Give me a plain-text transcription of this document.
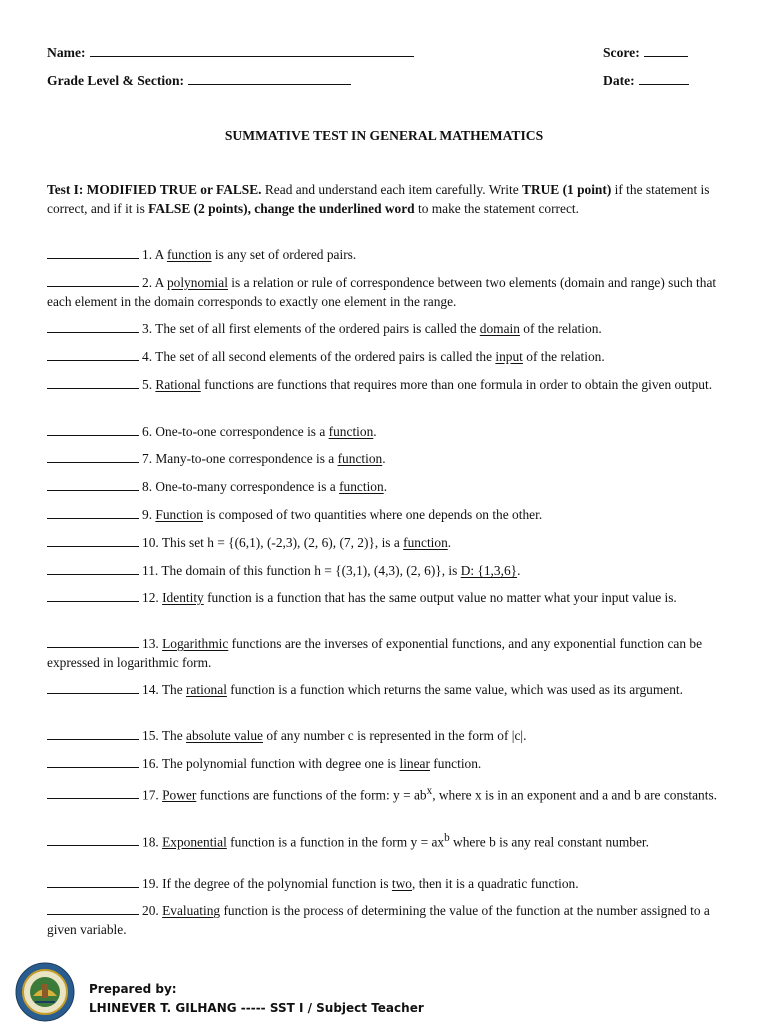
Name:	Score:
Grade Level & Section:	Date:
SUMMATIVE TEST IN GENERAL MATHEMATICS
Test I: MODIFIED TRUE or FALSE. Read and understand each item carefully. Write TRUE (1 point) if the statement is correct, and if it is FALSE (2 points), change the underlined word to make the statement correct.
1. A function is any set of ordered pairs.
2. A polynomial is a relation or rule of correspondence between two elements (domain and range) such that each element in the domain corresponds to exactly one element in the range.
3. The set of all first elements of the ordered pairs is called the domain of the relation.
4. The set of all second elements of the ordered pairs is called the input of the relation.
5. Rational functions are functions that requires more than one formula in order to obtain the given output.
6. One-to-one correspondence is a function.
7. Many-to-one correspondence is a function.
8. One-to-many correspondence is a function.
9. Function is composed of two quantities where one depends on the other.
10. This set h = {(6,1), (-2,3), (2, 6), (7, 2)}, is a function.
11. The domain of this function h = {(3,1), (4,3), (2, 6)}, is D: {1,3,6}.
12. Identity function is a function that has the same output value no matter what your input value is.
13. Logarithmic functions are the inverses of exponential functions, and any exponential function can be expressed in logarithmic form.
14. The rational function is a function which returns the same value, which was used as its argument.
15. The absolute value of any number c is represented in the form of |c|.
16. The polynomial function with degree one is linear function.
17. Power functions are functions of the form: $y = ab^x$, where x is in an exponent and a and b are constants.
18. Exponential function is a function in the form $y = ax^b$ where b is any real constant number.
19. If the degree of the polynomial function is two, then it is a quadratic function.
20. Evaluating function is the process of determining the value of the function at the number assigned to a given variable.
Prepared by:
LHINEVER T. GILHANG ----- SST I / Subject Teacher
